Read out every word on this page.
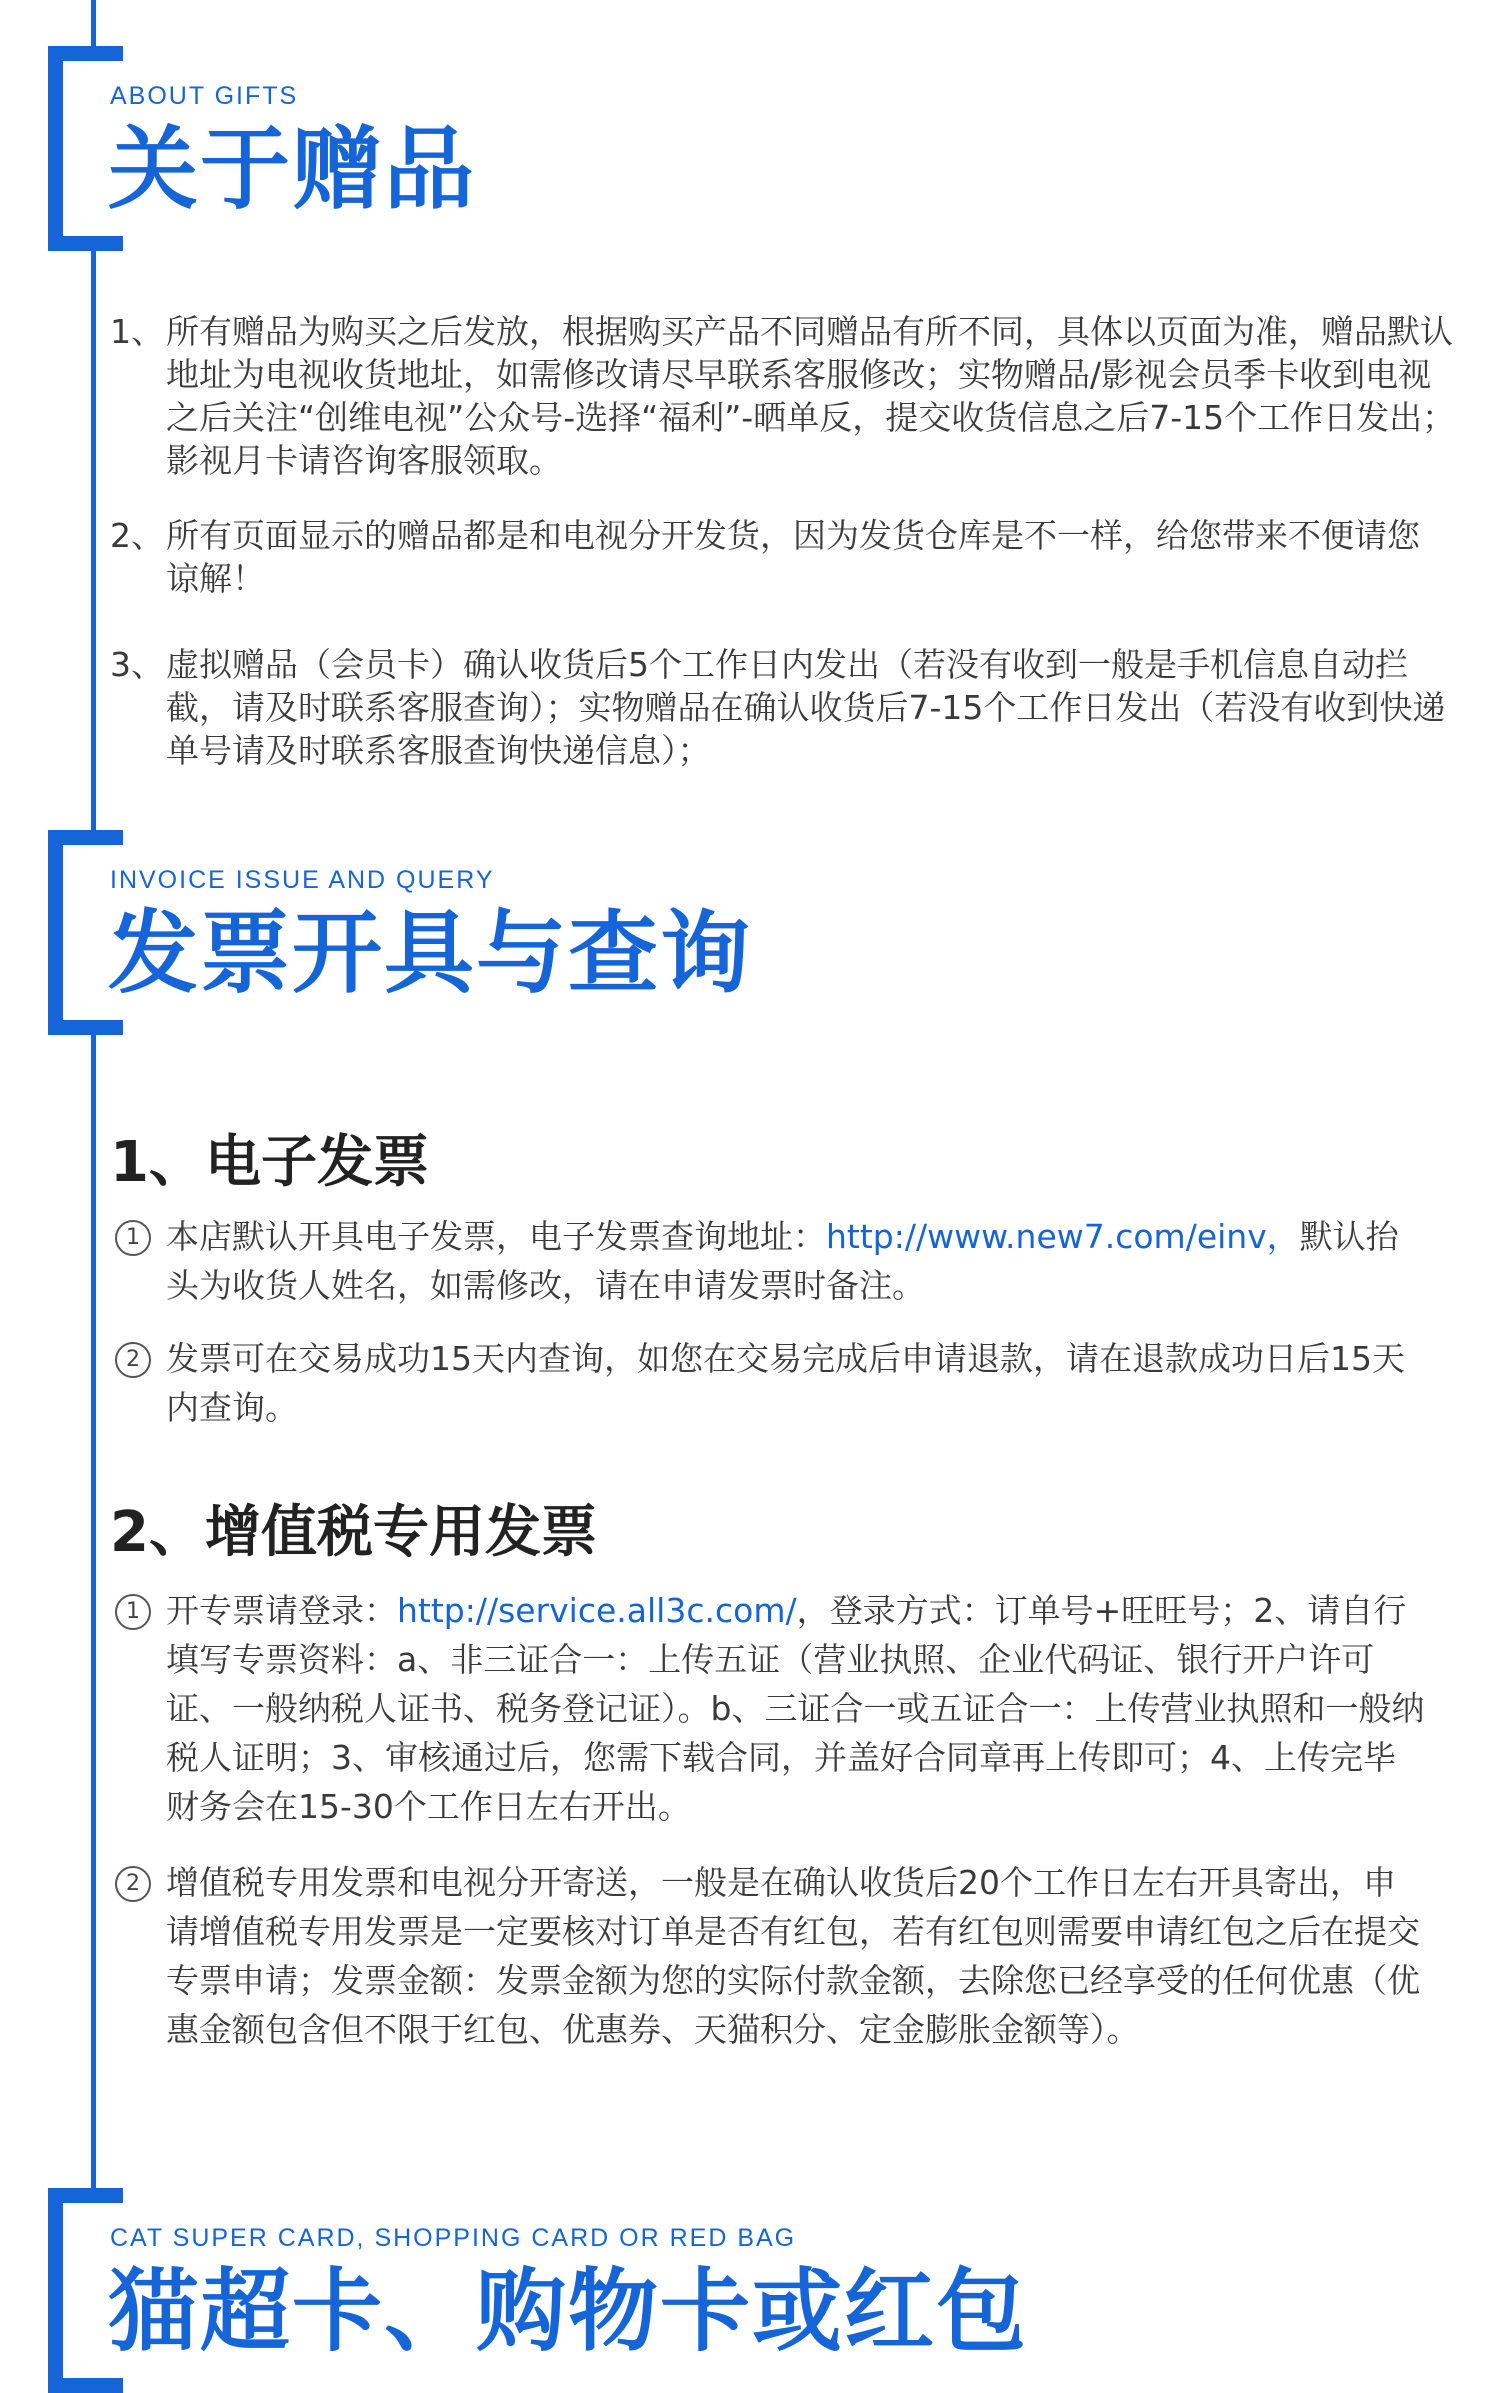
ABOUT GIFTS
关于赠品
1、 所有赠品为购买之后发放，根据购买产品不同赠品有所不同，具体以页面为准，赠品默认地址为电视收货地址，如需修改请尽早联系客服修改；实物赠品/影视会员季卡收到电视之后关注“创维电视”公众号-选择“福利”-晒单反，提交收货信息之后7-15个工作日发出；影视月卡请咨询客服领取。
2、 所有页面显示的赠品都是和电视分开发货，因为发货仓库是不一样，给您带来不便请您谅解！
3、 虚拟赠品（会员卡）确认收货后5个工作日内发出（若没有收到一般是手机信息自动拦截，请及时联系客服查询）；实物赠品在确认收货后7-15个工作日发出（若没有收到快递单号请及时联系客服查询快递信息）；
INVOICE ISSUE AND QUERY
发票开具与查询
1、电子发票
1 本店默认开具电子发票，电子发票查询地址：http://www.new7.com/einv，默认抬头为收货人姓名，如需修改，请在申请发票时备注。
2 发票可在交易成功15天内查询，如您在交易完成后申请退款，请在退款成功日后15天内查询。
2、增值税专用发票
1 开专票请登录：http://service.all3c.com/，登录方式：订单号+旺旺号；2、请自行填写专票资料：a、非三证合一：上传五证（营业执照、企业代码证、银行开户许可证、一般纳税人证书、税务登记证）。b、三证合一或五证合一：上传营业执照和一般纳税人证明；3、审核通过后，您需下载合同，并盖好合同章再上传即可；4、上传完毕财务会在15-30个工作日左右开出。
2 增值税专用发票和电视分开寄送，一般是在确认收货后20个工作日左右开具寄出，申请增值税专用发票是一定要核对订单是否有红包，若有红包则需要申请红包之后在提交专票申请；发票金额：发票金额为您的实际付款金额，去除您已经享受的任何优惠（优惠金额包含但不限于红包、优惠券、天猫积分、定金膨胀金额等）。
CAT SUPER CARD, SHOPPING CARD OR RED BAG
猫超卡、购物卡或红包
